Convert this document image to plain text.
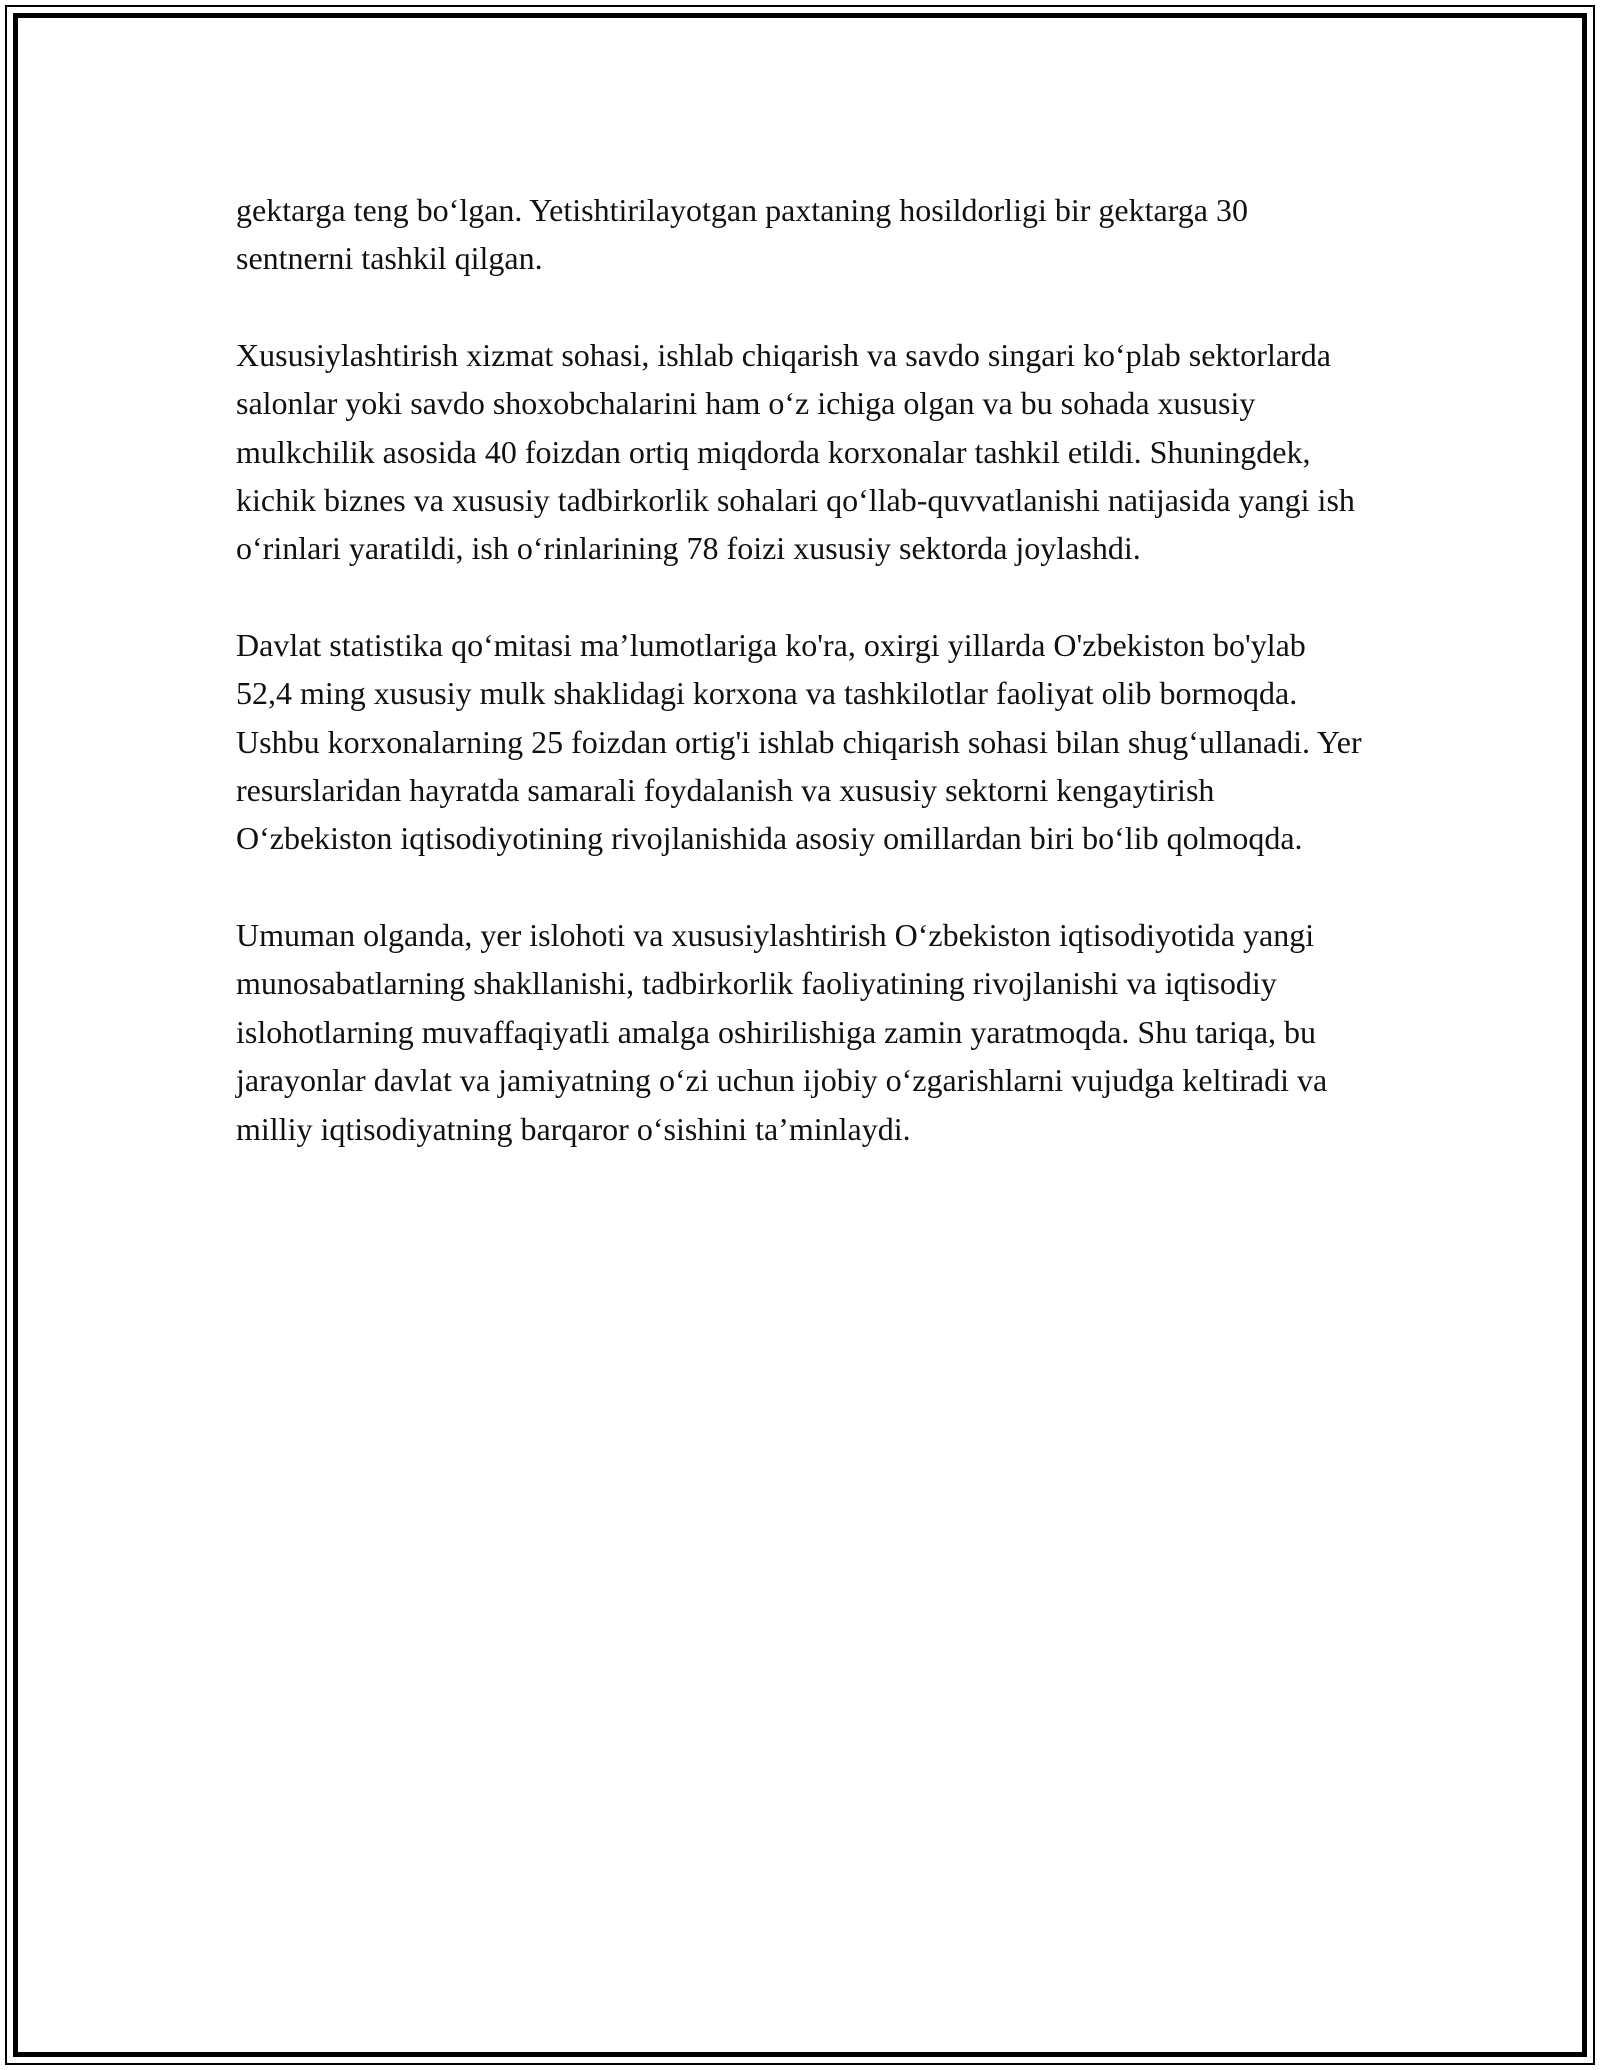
gektarga teng bo‘lgan. Yetishtirilayotgan paxtaning hosildorligi bir gektarga 30 sentnerni tashkil qilgan.

Xususiylashtirish xizmat sohasi, ishlab chiqarish va savdo singari ko‘plab sektorlarda salonlar yoki savdo shoxobchalarini ham o‘z ichiga olgan va bu sohada xususiy mulkchilik asosida 40 foizdan ortiq miqdorda korxonalar tashkil etildi. Shuningdek, kichik biznes va xususiy tadbirkorlik sohalari qo‘llab-quvvatlanishi natijasida yangi ish o‘rinlari yaratildi, ish o‘rinlarining 78 foizi xususiy sektorda joylashdi.

Davlat statistika qo‘mitasi ma’lumotlariga ko'ra, oxirgi yillarda O'zbekiston bo'ylab 52,4 ming xususiy mulk shaklidagi korxona va tashkilotlar faoliyat olib bormoqda. Ushbu korxonalarning 25 foizdan ortig'i ishlab chiqarish sohasi bilan shug‘ullanadi. Yer resurslaridan hayratda samarali foydalanish va xususiy sektorni kengaytirish O‘zbekiston iqtisodiyotining rivojlanishida asosiy omillardan biri bo‘lib qolmoqda.

Umuman olganda, yer islohoti va xususiylashtirish O‘zbekiston iqtisodiyotida yangi munosabatlarning shakllanishi, tadbirkorlik faoliyatining rivojlanishi va iqtisodiy islohotlarning muvaffaqiyatli amalga oshirilishiga zamin yaratmoqda. Shu tariqa, bu jarayonlar davlat va jamiyatning o‘zi uchun ijobiy o‘zgarishlarni vujudga keltiradi va milliy iqtisodiyatning barqaror o‘sishini ta’minlaydi.
